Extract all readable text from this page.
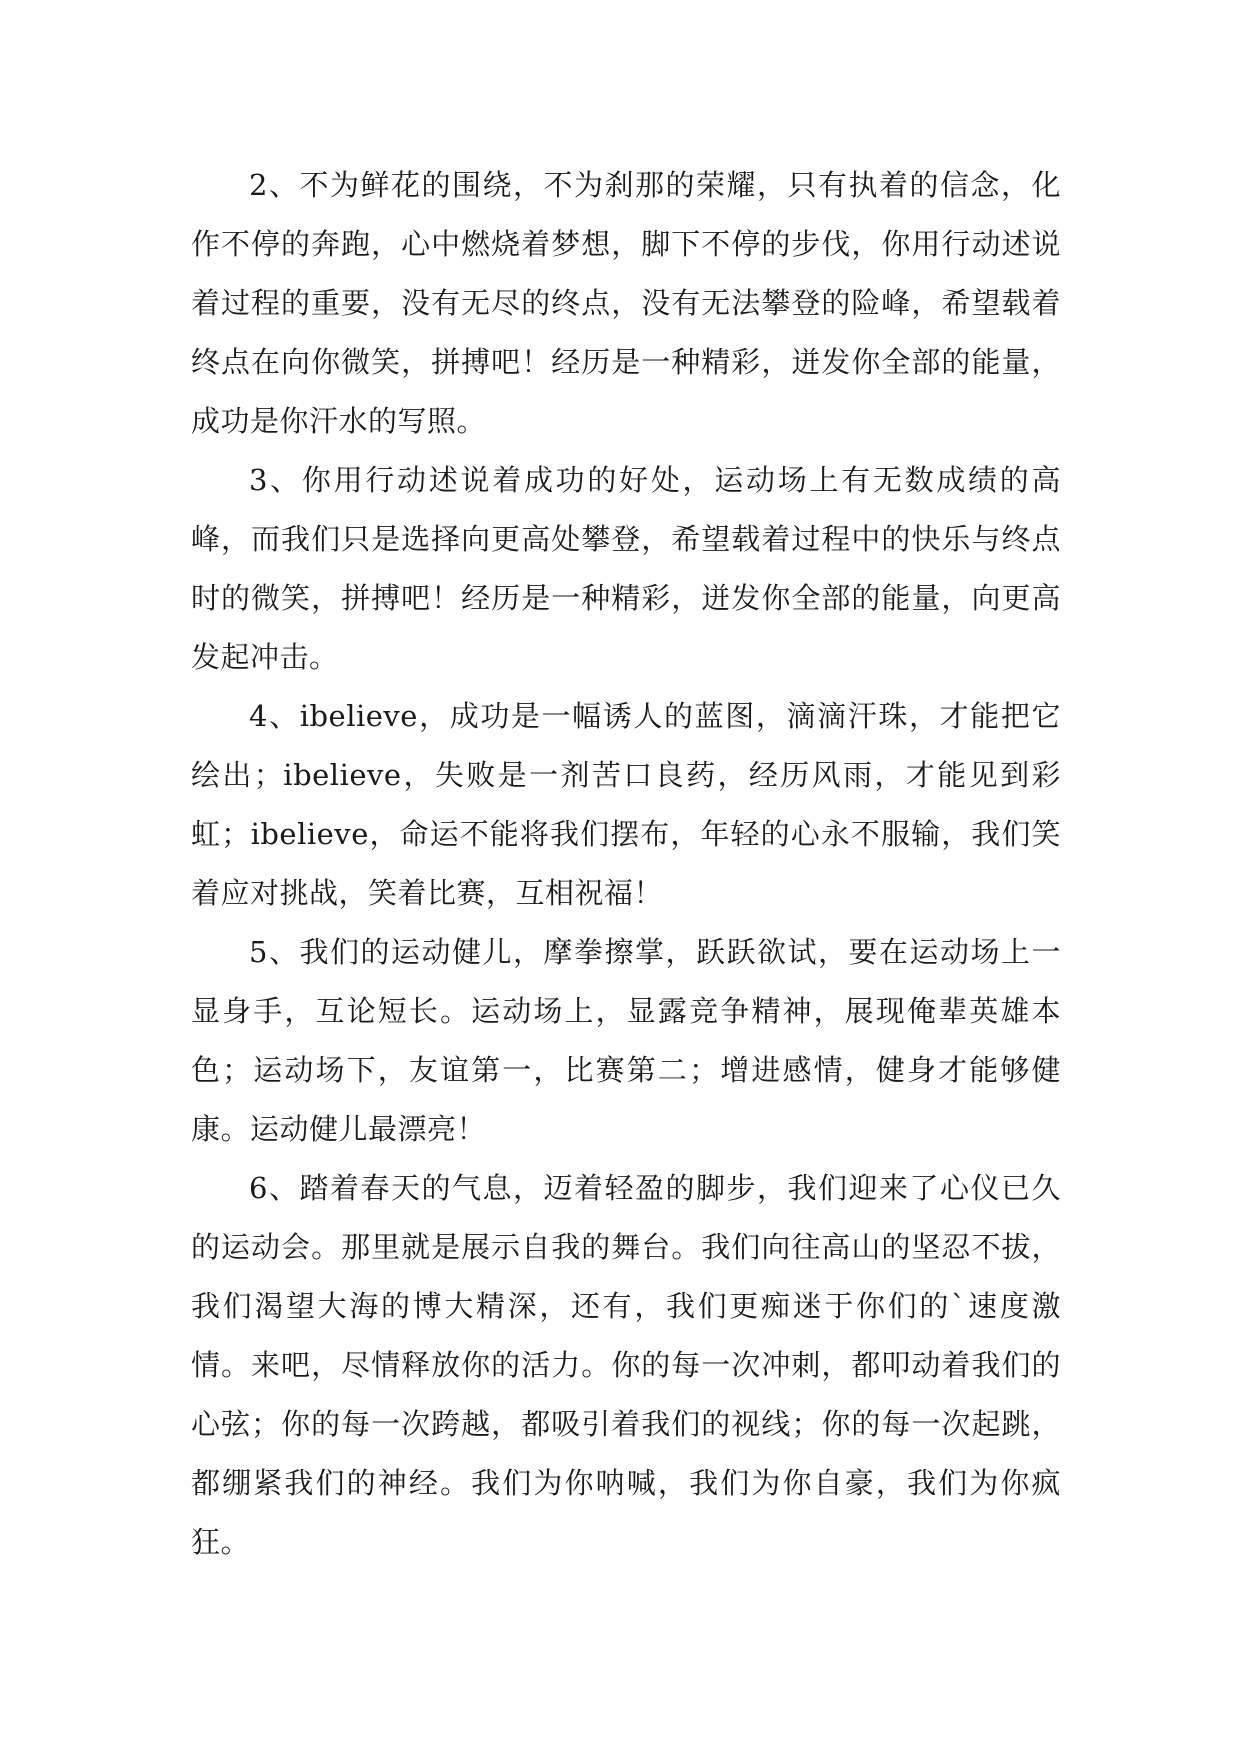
2、不为鲜花的围绕，不为刹那的荣耀，只有执着的信念，化作不停的奔跑，心中燃烧着梦想，脚下不停的步伐，你用行动述说着过程的重要，没有无尽的终点，没有无法攀登的险峰，希望载着终点在向你微笑，拼搏吧！经历是一种精彩，迸发你全部的能量，成功是你汗水的写照。

3、你用行动述说着成功的好处，运动场上有无数成绩的高峰，而我们只是选择向更高处攀登，希望载着过程中的快乐与终点时的微笑，拼搏吧！经历是一种精彩，迸发你全部的能量，向更高发起冲击。

4、ibelieve，成功是一幅诱人的蓝图，滴滴汗珠，才能把它绘出；ibelieve，失败是一剂苦口良药，经历风雨，才能见到彩虹；ibelieve，命运不能将我们摆布，年轻的心永不服输，我们笑着应对挑战，笑着比赛，互相祝福！

5、我们的运动健儿，摩拳擦掌，跃跃欲试，要在运动场上一显身手，互论短长。运动场上，显露竞争精神，展现俺辈英雄本色；运动场下，友谊第一，比赛第二；增进感情，健身才能够健康。运动健儿最漂亮！

6、踏着春天的气息，迈着轻盈的脚步，我们迎来了心仪已久的运动会。那里就是展示自我的舞台。我们向往高山的坚忍不拔，我们渴望大海的博大精深，还有，我们更痴迷于你们的`速度激情。来吧，尽情释放你的活力。你的每一次冲刺，都叩动着我们的心弦；你的每一次跨越，都吸引着我们的视线；你的每一次起跳，都绷紧我们的神经。我们为你呐喊，我们为你自豪，我们为你疯狂。
